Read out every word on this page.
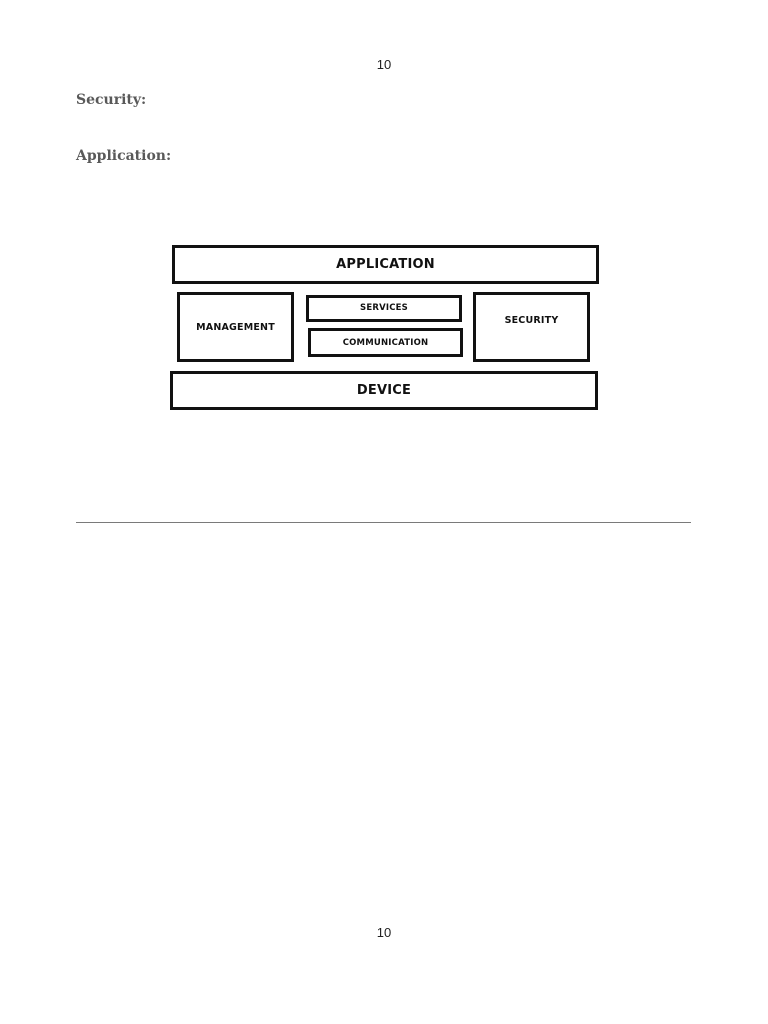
10
Security:
Application:
APPLICATION
MANAGEMENT
SERVICES
COMMUNICATION
SECURITY
DEVICE
10
